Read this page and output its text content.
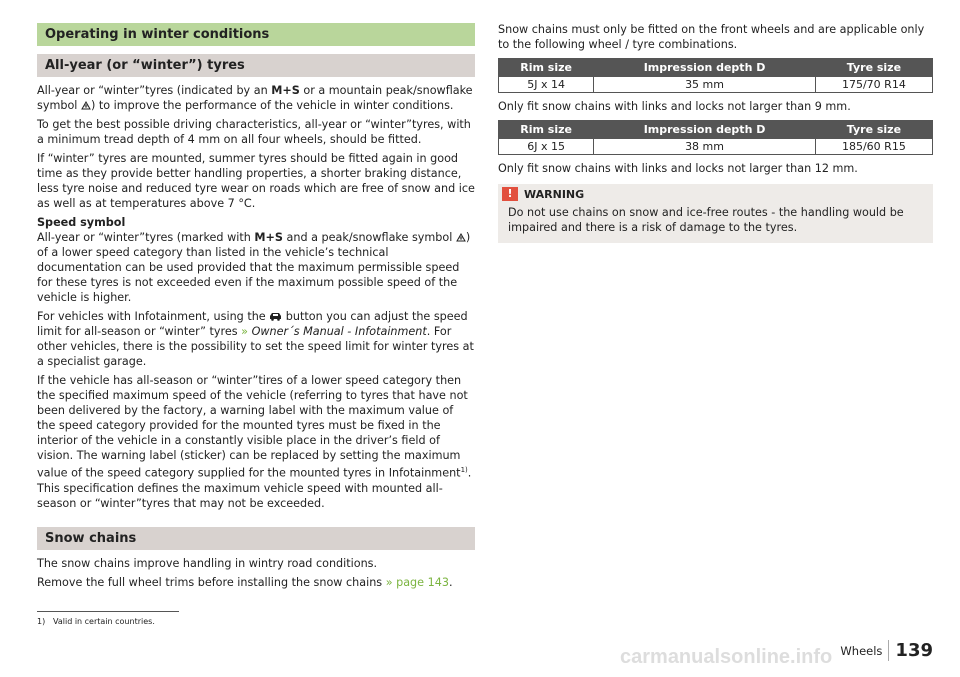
Operating in winter conditions
All-year (or “winter”) tyres

All-year or “winter”tyres (indicated by an M+S or a mountain peak/snowflake symbol ) to improve the performance of the vehicle in winter conditions.

To get the best possible driving characteristics, all-year or “winter”tyres, with a minimum tread depth of 4 mm on all four wheels, should be fitted.

If “winter” tyres are mounted, summer tyres should be fitted again in good time as they provide better handling properties, a shorter braking distance, less tyre noise and reduced tyre wear on roads which are free of snow and ice as well as at temperatures above 7 °C.

Speed symbol

All-year or “winter”tyres (marked with M+S and a peak/snowflake symbol ) of a lower speed category than listed in the vehicle’s technical documentation can be used provided that the maximum permissible speed for these tyres is not exceeded even if the maximum possible speed of the vehicle is higher.

For vehicles with Infotainment, using the  button you can adjust the speed limit for all-season or “winter” tyres » Owner´s Manual - Infotainment. For other vehicles, there is the possibility to set the speed limit for winter tyres at a specialist garage.

If the vehicle has all-season or “winter”tires of a lower speed category then the specified maximum speed of the vehicle (referring to tyres that have not been delivered by the factory, a warning label with the maximum value of the speed category provided for the mounted tyres must be fixed in the interior of the vehicle in a constantly visible place in the driver’s field of vision. The warning label (sticker) can be replaced by setting the maximum value of the speed category supplied for the mounted tyres in Infotainment$^{1)}$. This specification defines the maximum vehicle speed with mounted all-season or “winter”tyres that may not be exceeded.

Snow chains

The snow chains improve handling in wintry road conditions.

Remove the full wheel trims before installing the snow chains » page 143.

Snow chains must only be fitted on the front wheels and are applicable only to the following wheel / tyre combinations.

Rim size	Impression depth D	Tyre size
5J x 14	35 mm	175/70 R14

Only fit snow chains with links and locks not larger than 9 mm.

Rim size	Impression depth D	Tyre size
6J x 15	38 mm	185/60 R15

Only fit snow chains with links and locks not larger than 12 mm.

!	WARNING
Do not use chains on snow and ice-free routes - the handling would be impaired and there is a risk of damage to the tyres.
1) Valid in certain countries.
carmanualsonline.info Wheels 139
